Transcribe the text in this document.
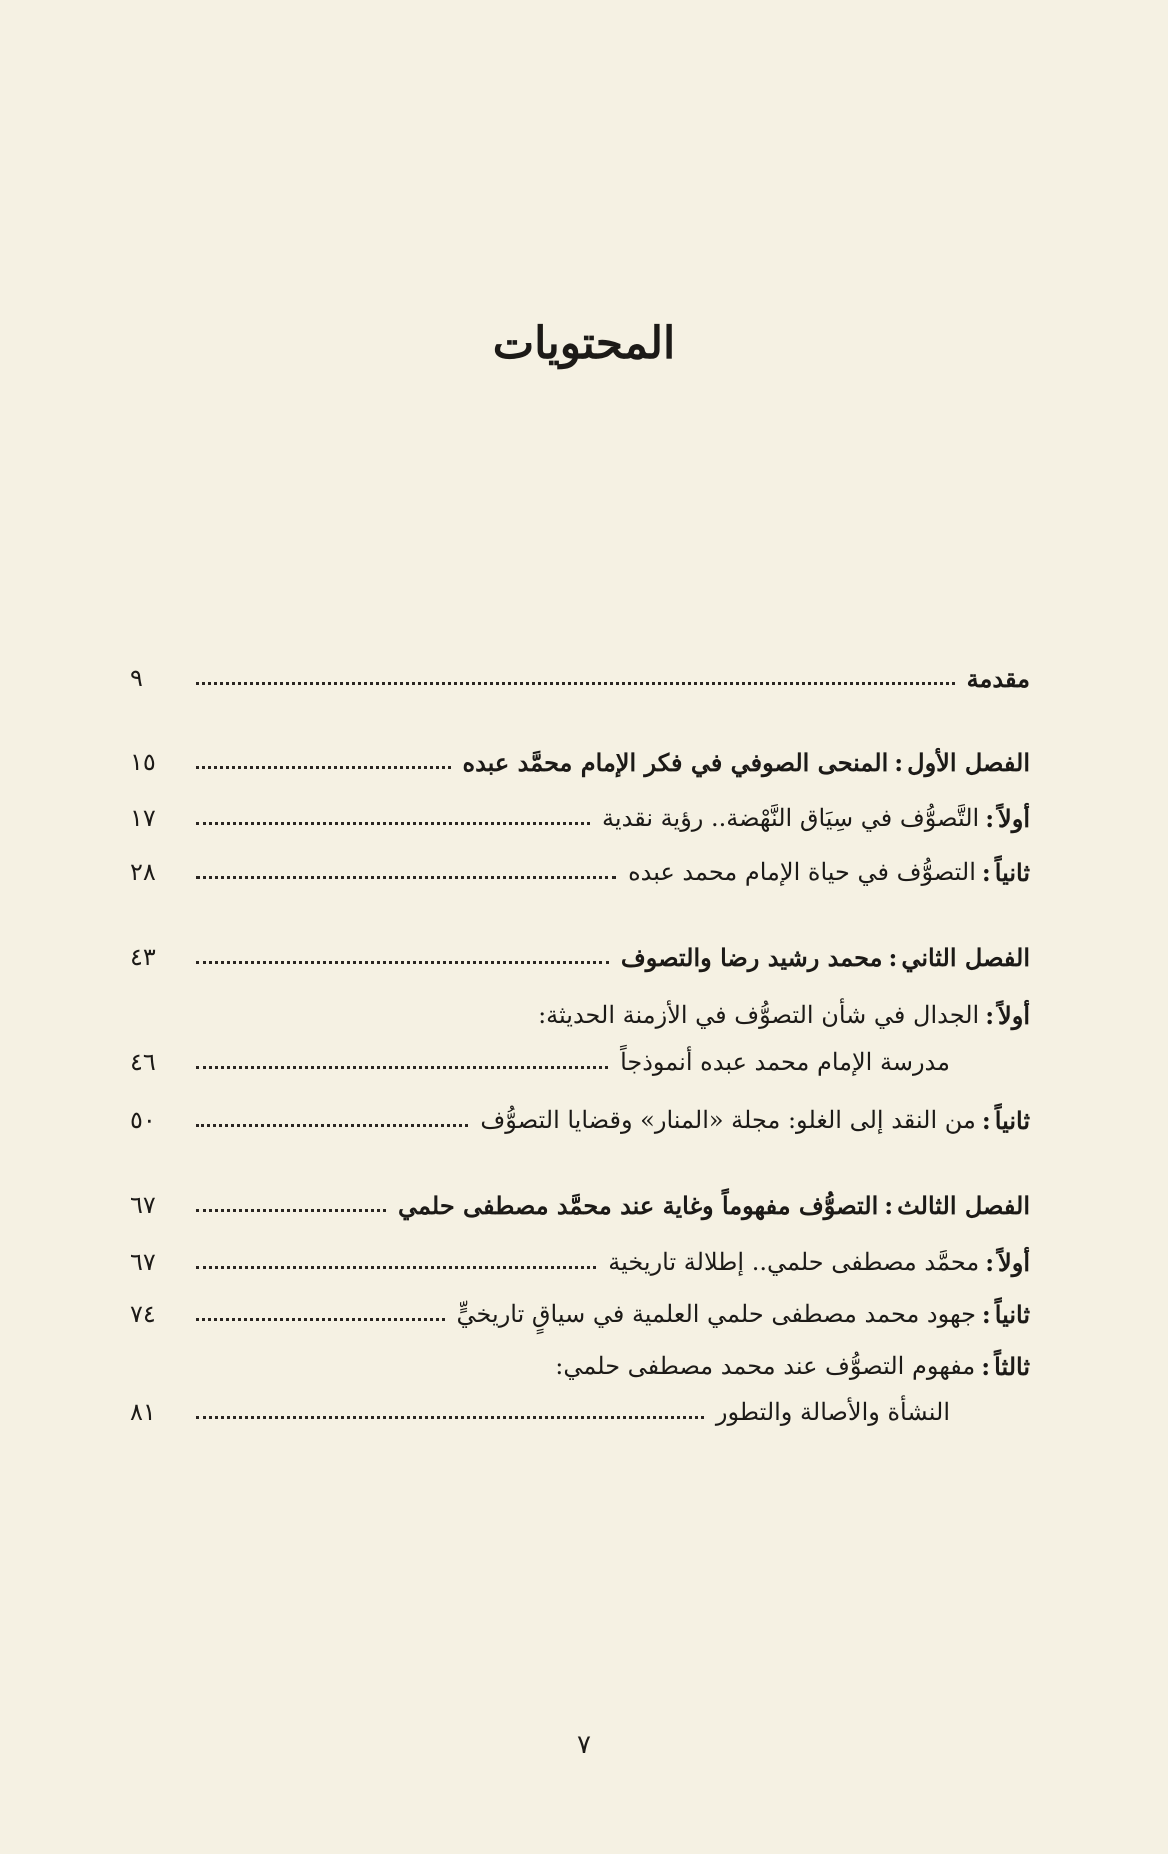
المحتويات
مقدمة
٩
الفصل الأول
:
المنحى الصوفي في فكر الإمام محمَّد عبده
١٥
أولاً
:
التَّصوُّف في سِيَاق النَّهْضة.. رؤية نقدية
١٧
ثانياً
:
التصوُّف في حياة الإمام محمد عبده
٢٨
الفصل الثاني
:
محمد رشيد رضا والتصوف
٤٣
أولاً
:
الجدال في شأن التصوُّف في الأزمنة الحديثة:
مدرسة الإمام محمد عبده أنموذجاً
٤٦
ثانياً
:
من النقد إلى الغلو: مجلة «المنار» وقضايا التصوُّف
٥٠
الفصل الثالث
:
التصوُّف مفهوماً وغاية عند محمَّد مصطفى حلمي
٦٧
أولاً
:
محمَّد مصطفى حلمي.. إطلالة تاريخية
٦٧
ثانياً
:
جهود محمد مصطفى حلمي العلمية في سياقٍ تاريخيٍّ
٧٤
ثالثاً
:
مفهوم التصوُّف عند محمد مصطفى حلمي:
النشأة والأصالة والتطور
٨١
٧
